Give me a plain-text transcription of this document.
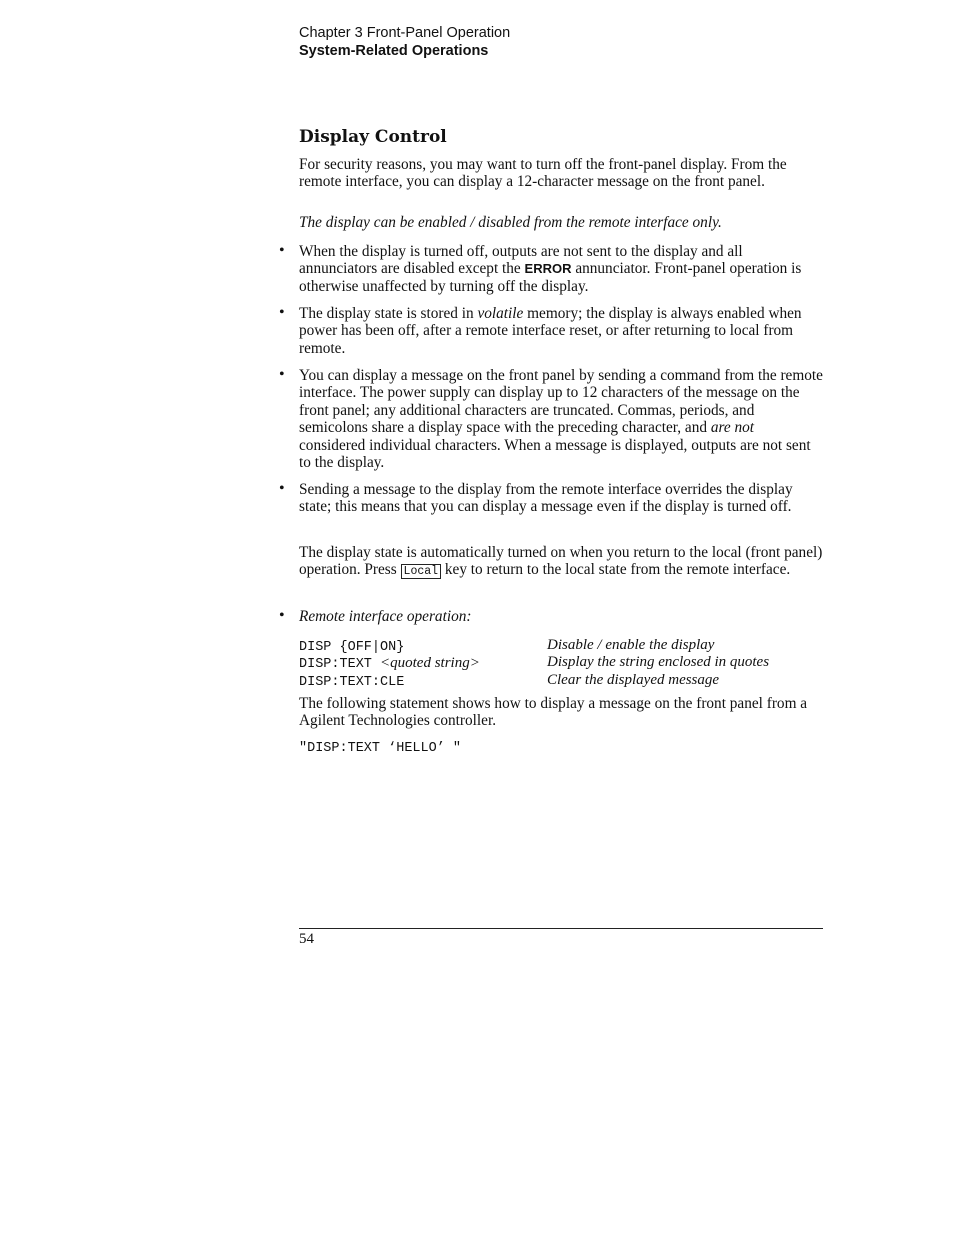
Chapter 3 Front-Panel Operation
System-Related Operations
Display Control

For security reasons, you may want to turn off the front-panel display. From the remote interface, you can display a 12-character message on the front panel.

The display can be enabled / disabled from the remote interface only.

• When the display is turned off, outputs are not sent to the display and all annunciators are disabled except the ERROR annunciator. Front-panel operation is otherwise unaffected by turning off the display.

• The display state is stored in volatile memory; the display is always enabled when power has been off, after a remote interface reset, or after returning to local from remote.

• You can display a message on the front panel by sending a command from the remote interface. The power supply can display up to 12 characters of the message on the front panel; any additional characters are truncated. Commas, periods, and semicolons share a display space with the preceding character, and are not considered individual characters. When a message is displayed, outputs are not sent to the display.

• Sending a message to the display from the remote interface overrides the display state; this means that you can display a message even if the display is turned off.

The display state is automatically turned on when you return to the local (front panel) operation. Press Local key to return to the local state from the remote interface.

• Remote interface operation:

DISP {OFF|ON}	Disable / enable the display
DISP:TEXT <quoted string>	Display the string enclosed in quotes
DISP:TEXT:CLE	Clear the displayed message

The following statement shows how to display a message on the front panel from a Agilent Technologies controller.

"DISP:TEXT ‘HELLO’ "

54
